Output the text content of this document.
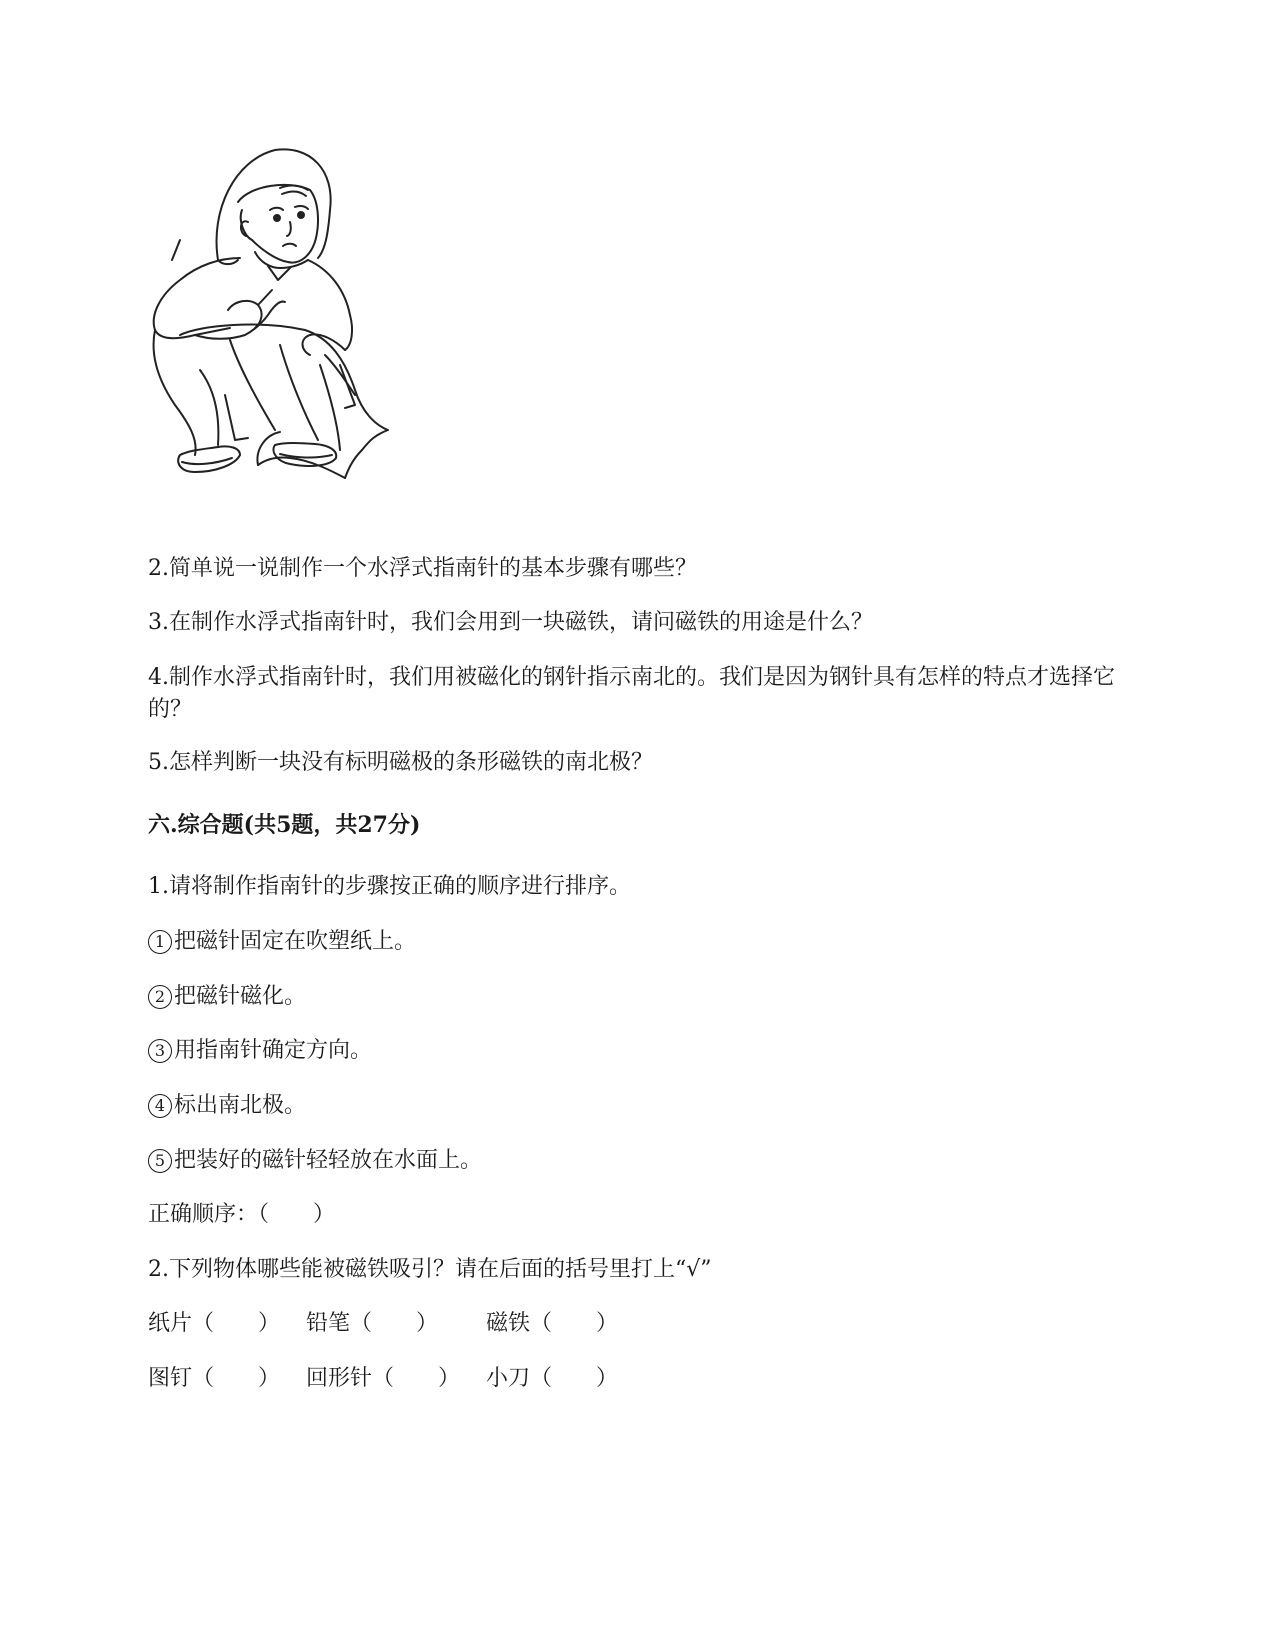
2.简单说一说制作一个水浮式指南针的基本步骤有哪些？
3.在制作水浮式指南针时，我们会用到一块磁铁，请问磁铁的用途是什么？
4.制作水浮式指南针时，我们用被磁化的钢针指示南北的。我们是因为钢针具有怎样的特点才选择它的？
5.怎样判断一块没有标明磁极的条形磁铁的南北极？
六.综合题(共5题，共27分)
1.请将制作指南针的步骤按正确的顺序进行排序。
1 把磁针固定在吹塑纸上。
2 把磁针磁化。
3 用指南针确定方向。
4 标出南北极。
5 把装好的磁针轻轻放在水面上。
正确顺序：（　　）
2.下列物体哪些能被磁铁吸引？请在后面的括号里打上“√”
纸片（　　） 铅笔（　　） 磁铁（　　）
图钉（　　） 回形针（　　） 小刀（　　）
